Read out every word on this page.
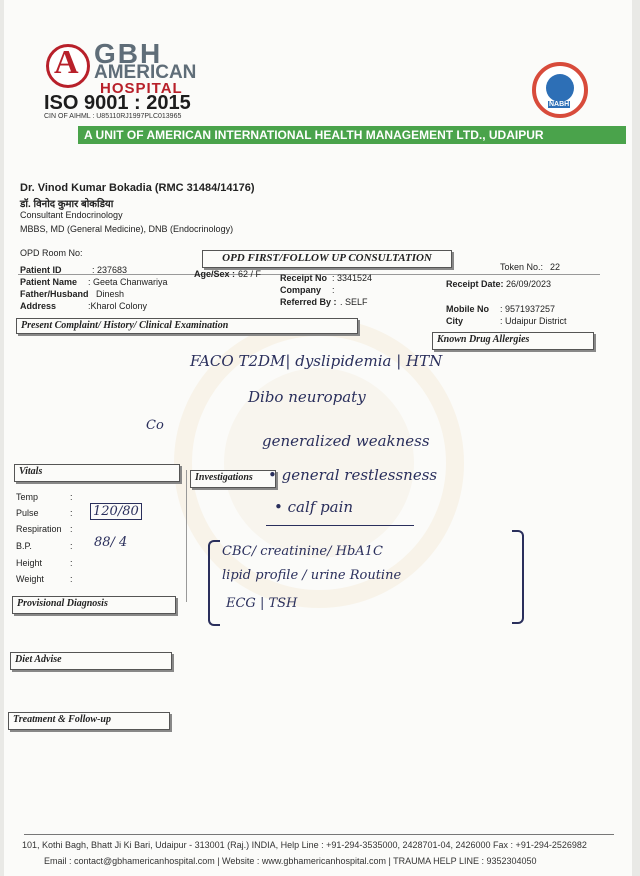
A GBH
AMERICAN
HOSPITAL
ISO 9001 : 2015
CIN OF AIHML : U85110RJ1997PLC013965
NABH
A UNIT OF AMERICAN INTERNATIONAL HEALTH MANAGEMENT LTD., UDAIPUR
Dr. Vinod Kumar Bokadia (RMC 31484/14176)
डॉ. विनोद कुमार बोकडिया
Consultant Endocrinology
MBBS, MD (General Medicine), DNB (Endocrinology)
OPD Room No:	OPD FIRST/FOLLOW UP CONSULTATION
Token No.: 22
Patient ID	: 237683
Patient Name : Geeta Chanwariya
Father/Husband Dinesh
Address	:Kharol Colony
Age/Sex : 62 / F Receipt No : 3341524
Company :
Referred By : . SELF
Receipt Date: 26/09/2023
Mobile No : 9571937257
City	: Udaipur District
Present Complaint/ History/ Clinical Examination
Known Drug Allergies
Vitals
Investigations
Temp	:
Pulse	: 120/80
Respiration :
B.P.	: 88/ 4
Height	:
Weight	:
Provisional Diagnosis
Diet Advise
Treatment & Follow-up
FACO T2DM| dyslipidemia | HTN
Dibo neuropaty
Co
generalized weakness
• general restlessness
• calf pain
CBC/ creatinine/ HbA1C
lipid profile / urine Routine
ECG | TSH
101, Kothi Bagh, Bhatt Ji Ki Bari, Udaipur - 313001 (Raj.) INDIA, Help Line : +91-294-3535000, 2428701-04, 2426000 Fax : +91-294-2526982
Email : contact@gbhamericanhospital.com | Website : www.gbhamericanhospital.com | TRAUMA HELP LINE : 9352304050
